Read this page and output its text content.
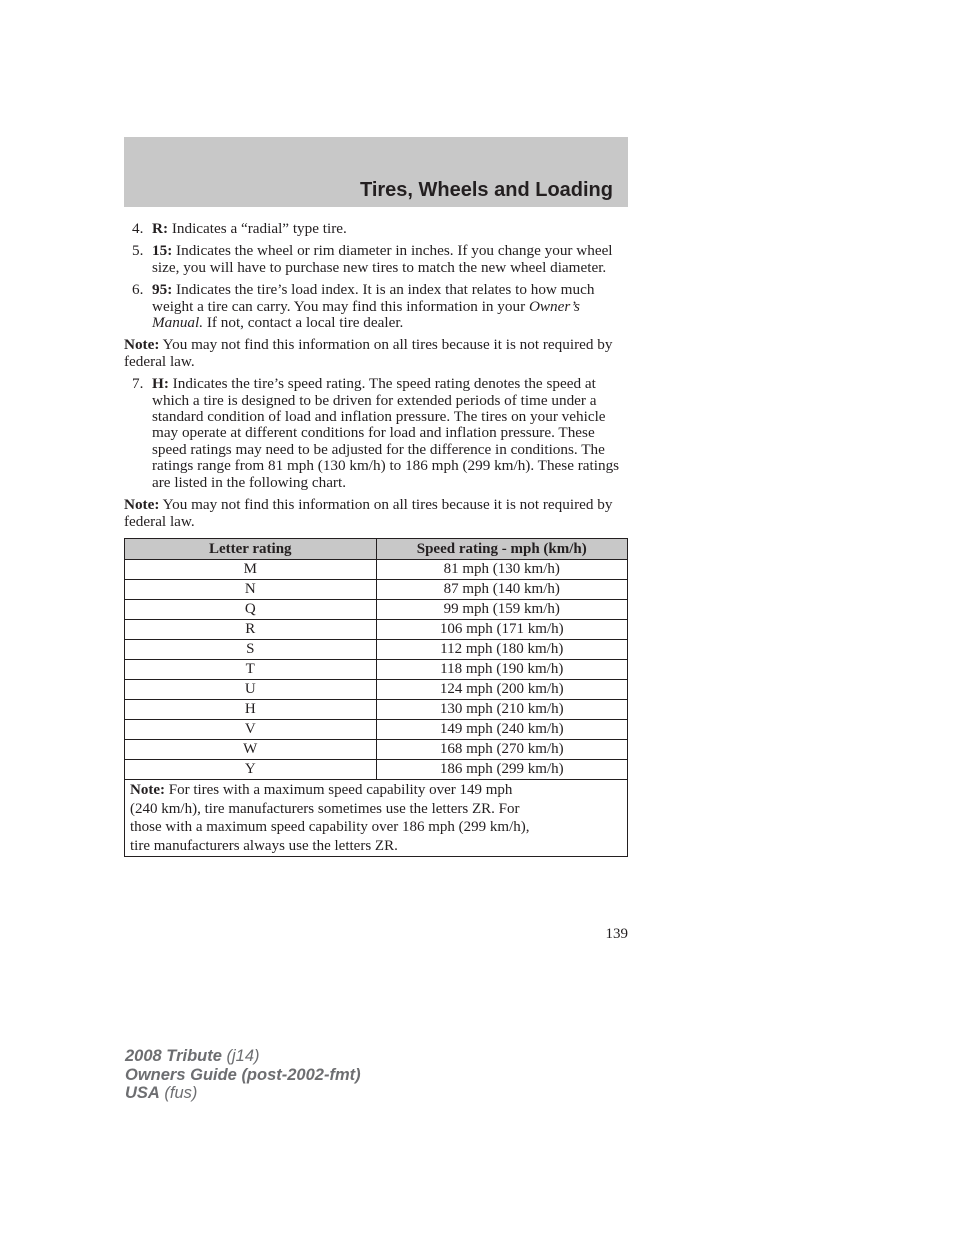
Tires, Wheels and Loading
4. R: Indicates a “radial” type tire.
5. 15: Indicates the wheel or rim diameter in inches. If you change your wheel size, you will have to purchase new tires to match the new wheel diameter.
6. 95: Indicates the tire’s load index. It is an index that relates to how much weight a tire can carry. You may find this information in your Owner’s Manual. If not, contact a local tire dealer.
Note: You may not find this information on all tires because it is not required by federal law.
7. H: Indicates the tire’s speed rating. The speed rating denotes the speed at which a tire is designed to be driven for extended periods of time under a standard condition of load and inflation pressure. The tires on your vehicle may operate at different conditions for load and inflation pressure. These speed ratings may need to be adjusted for the difference in conditions. The ratings range from 81 mph (130 km/h) to 186 mph (299 km/h). These ratings are listed in the following chart.
Note: You may not find this information on all tires because it is not required by federal law.
Letter rating	Speed rating - mph (km/h)
M	81 mph (130 km/h)
N	87 mph (140 km/h)
Q	99 mph (159 km/h)
R	106 mph (171 km/h)
S	112 mph (180 km/h)
T	118 mph (190 km/h)
U	124 mph (200 km/h)
H	130 mph (210 km/h)
V	149 mph (240 km/h)
W	168 mph (270 km/h)
Y	186 mph (299 km/h)
Note: For tires with a maximum speed capability over 149 mph
(240 km/h), tire manufacturers sometimes use the letters ZR. For
those with a maximum speed capability over 186 mph (299 km/h),
tire manufacturers always use the letters ZR.	
139
2008 Tribute (j14)
Owners Guide (post-2002-fmt)
USA (fus)
